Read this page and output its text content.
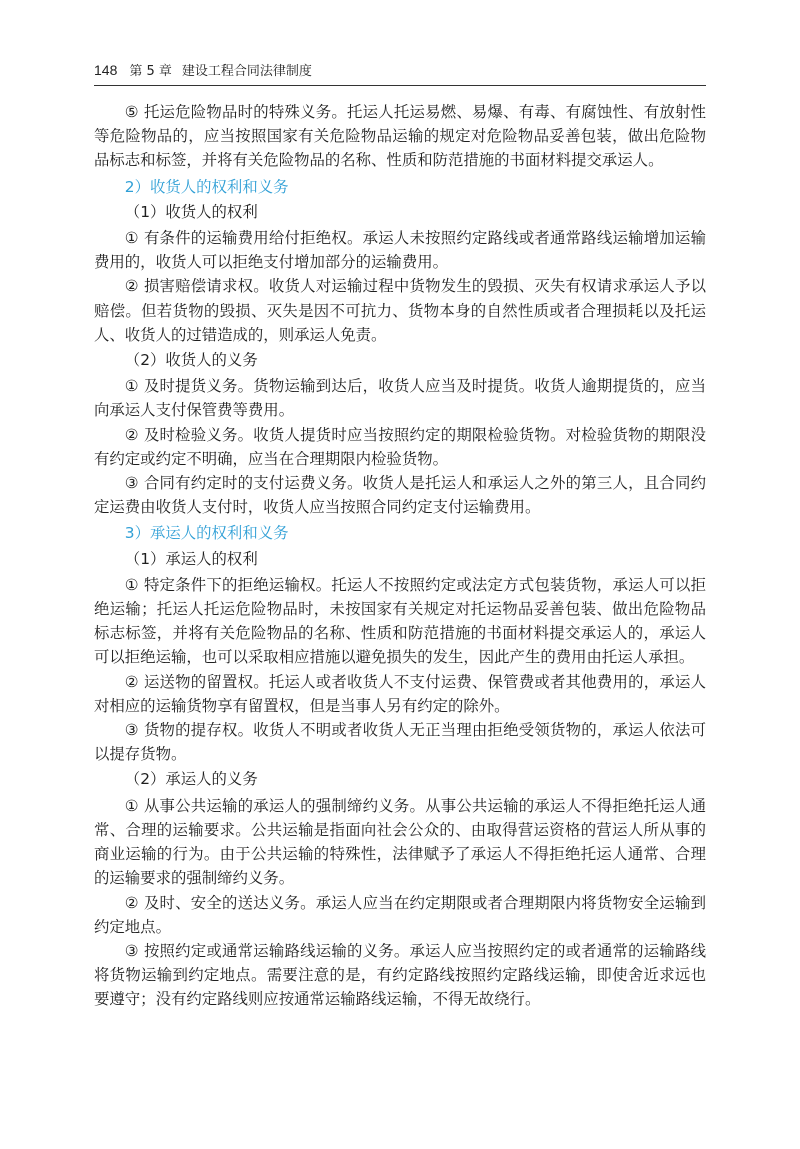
148 第 5 章 建设工程合同法律制度

⑤ 托运危险物品时的特殊义务。托运人托运易燃、易爆、有毒、有腐蚀性、有放射性等危险物品的，应当按照国家有关危险物品运输的规定对危险物品妥善包装，做出危险物品标志和标签，并将有关危险物品的名称、性质和防范措施的书面材料提交承运人。

2）收货人的权利和义务
（1）收货人的权利

① 有条件的运输费用给付拒绝权。承运人未按照约定路线或者通常路线运输增加运输费用的，收货人可以拒绝支付增加部分的运输费用。

② 损害赔偿请求权。收货人对运输过程中货物发生的毁损、灭失有权请求承运人予以赔偿。但若货物的毁损、灭失是因不可抗力、货物本身的自然性质或者合理损耗以及托运人、收货人的过错造成的，则承运人免责。

（2）收货人的义务

① 及时提货义务。货物运输到达后，收货人应当及时提货。收货人逾期提货的，应当向承运人支付保管费等费用。

② 及时检验义务。收货人提货时应当按照约定的期限检验货物。对检验货物的期限没有约定或约定不明确，应当在合理期限内检验货物。

③ 合同有约定时的支付运费义务。收货人是托运人和承运人之外的第三人，且合同约定运费由收货人支付时，收货人应当按照合同约定支付运输费用。

3）承运人的权利和义务
（1）承运人的权利

① 特定条件下的拒绝运输权。托运人不按照约定或法定方式包装货物，承运人可以拒绝运输；托运人托运危险物品时，未按国家有关规定对托运物品妥善包装、做出危险物品标志标签，并将有关危险物品的名称、性质和防范措施的书面材料提交承运人的，承运人可以拒绝运输，也可以采取相应措施以避免损失的发生，因此产生的费用由托运人承担。

② 运送物的留置权。托运人或者收货人不支付运费、保管费或者其他费用的，承运人对相应的运输货物享有留置权，但是当事人另有约定的除外。

③ 货物的提存权。收货人不明或者收货人无正当理由拒绝受领货物的，承运人依法可以提存货物。

（2）承运人的义务

① 从事公共运输的承运人的强制缔约义务。从事公共运输的承运人不得拒绝托运人通常、合理的运输要求。公共运输是指面向社会公众的、由取得营运资格的营运人所从事的商业运输的行为。由于公共运输的特殊性，法律赋予了承运人不得拒绝托运人通常、合理的运输要求的强制缔约义务。

② 及时、安全的送达义务。承运人应当在约定期限或者合理期限内将货物安全运输到约定地点。

③ 按照约定或通常运输路线运输的义务。承运人应当按照约定的或者通常的运输路线将货物运输到约定地点。需要注意的是，有约定路线按照约定路线运输，即使舍近求远也要遵守；没有约定路线则应按通常运输路线运输，不得无故绕行。
